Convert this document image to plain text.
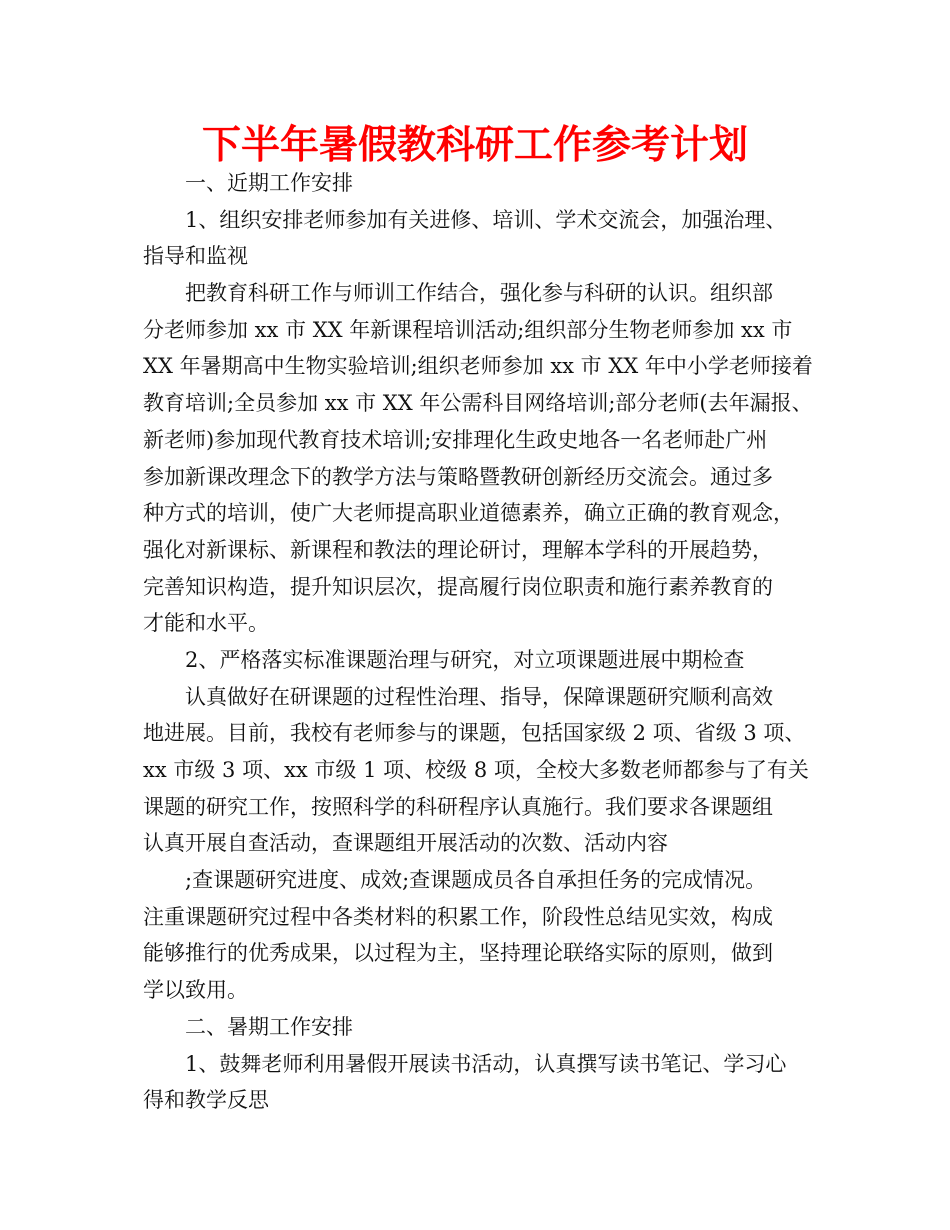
下半年暑假教科研工作参考计划
一、近期工作安排
1、组织安排老师参加有关进修、培训、学术交流会，加强治理、
指导和监视
把教育科研工作与师训工作结合，强化参与科研的认识。组织部
分老师参加 xx 市 XX 年新课程培训活动;组织部分生物老师参加 xx 市
XX 年暑期高中生物实验培训;组织老师参加 xx 市 XX 年中小学老师接着
教育培训;全员参加 xx 市 XX 年公需科目网络培训;部分老师(去年漏报、
新老师)参加现代教育技术培训;安排理化生政史地各一名老师赴广州
参加新课改理念下的教学方法与策略暨教研创新经历交流会。通过多
种方式的培训，使广大老师提高职业道德素养，确立正确的教育观念，
强化对新课标、新课程和教法的理论研讨，理解本学科的开展趋势，
完善知识构造，提升知识层次，提高履行岗位职责和施行素养教育的
才能和水平。
2、严格落实标准课题治理与研究，对立项课题进展中期检查
认真做好在研课题的过程性治理、指导，保障课题研究顺利高效
地进展。目前，我校有老师参与的课题，包括国家级 2 项、省级 3 项、
xx 市级 3 项、xx 市级 1 项、校级 8 项，全校大多数老师都参与了有关
课题的研究工作，按照科学的科研程序认真施行。我们要求各课题组
认真开展自查活动，查课题组开展活动的次数、活动内容
;查课题研究进度、成效;查课题成员各自承担任务的完成情况。
注重课题研究过程中各类材料的积累工作，阶段性总结见实效，构成
能够推行的优秀成果，以过程为主，坚持理论联络实际的原则，做到
学以致用。
二、暑期工作安排
1、鼓舞老师利用暑假开展读书活动，认真撰写读书笔记、学习心
得和教学反思
